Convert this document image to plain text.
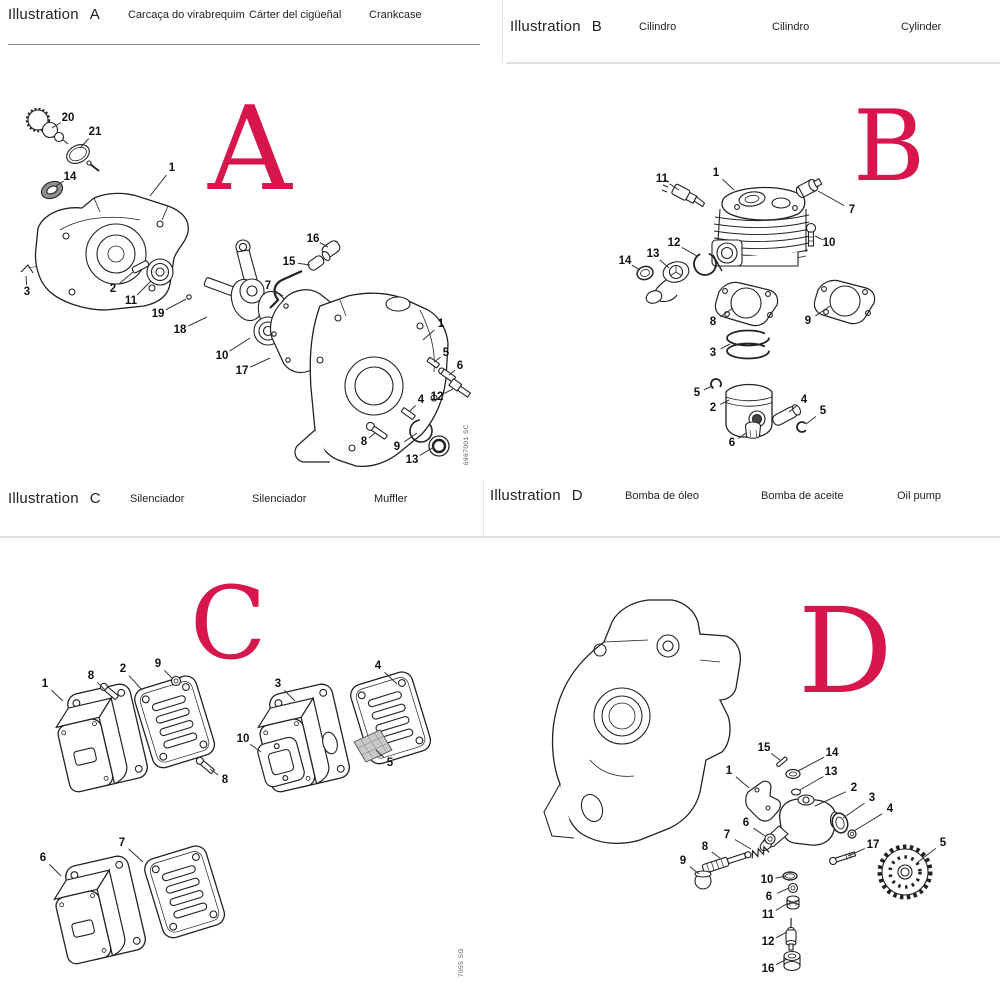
Illustration A	Carcaça do virabrequim Cárter del cigüeñal	Crankcase
Illustration B	Cilindro	Cilindro	Cylinder
Illustration C	Silenciador	Silenciador	Muffler	Illustration D	Bomba de óleo	Bomba de aceite	Oil pump
A	B
C	D
6967001 SC
7055 SG
20
21
14
1
3	2
11
19
18
10
17
16
15
7
1
5
6
12
4
8 9
13
11	1
7
10
12
13
14
8	9
3
5
2
6
4
5
1
8
2 9
10
8
3
4
5
6
7
15	14
13
1
2
3
4
6
7
8
9
17	5
10
6
11
12
16
